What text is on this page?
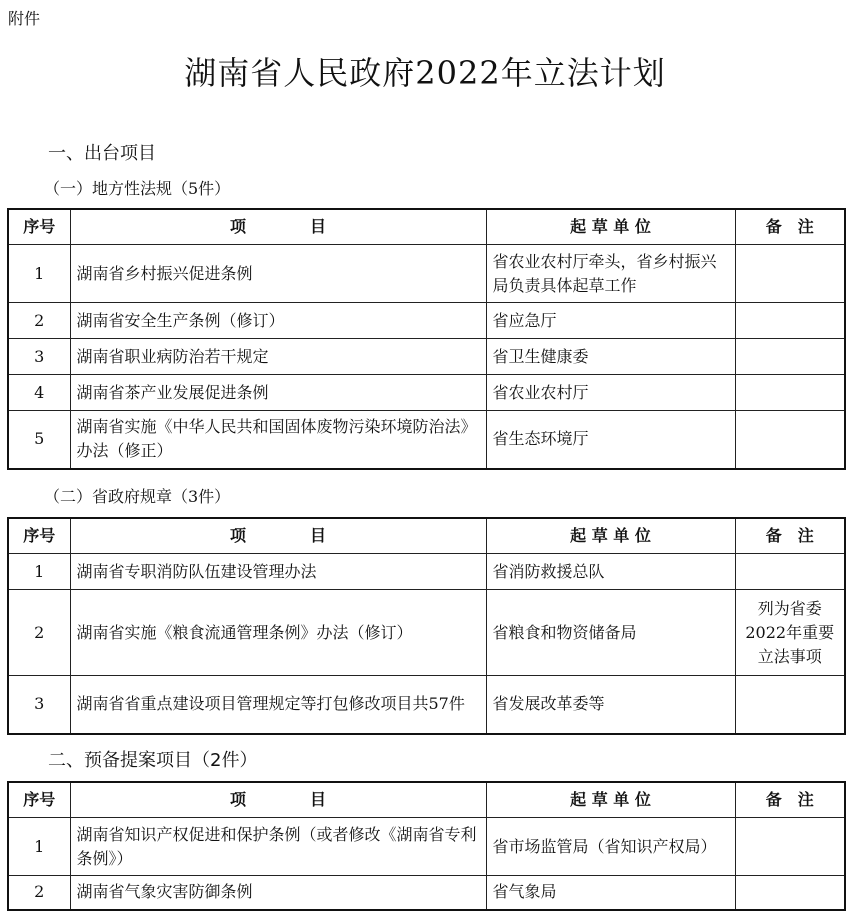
附件
湖南省人民政府2022年立法计划
一、出台项目
（一）地方性法规（5件）
序号	项　　　　目	起 草 单 位	备　注
1	湖南省乡村振兴促进条例	省农业农村厅牵头，省乡村振兴局负责具体起草工作	
2	湖南省安全生产条例（修订）	省应急厅	
3	湖南省职业病防治若干规定	省卫生健康委	
4	湖南省茶产业发展促进条例	省农业农村厅	
5	湖南省实施《中华人民共和国固体废物污染环境防治法》办法（修正）	省生态环境厅	
（二）省政府规章（3件）
序号	项　　　　目	起 草 单 位	备　注
1	湖南省专职消防队伍建设管理办法	省消防救援总队	
2	湖南省实施《粮食流通管理条例》办法（修订）	省粮食和物资储备局	列为省委2022年重要立法事项
3	湖南省省重点建设项目管理规定等打包修改项目共57件	省发展改革委等	
二、预备提案项目（2件）
序号	项　　　　目	起 草 单 位	备　注
1	湖南省知识产权促进和保护条例（或者修改《湖南省专利条例》）	省市场监管局（省知识产权局）	
2	湖南省气象灾害防御条例	省气象局	
